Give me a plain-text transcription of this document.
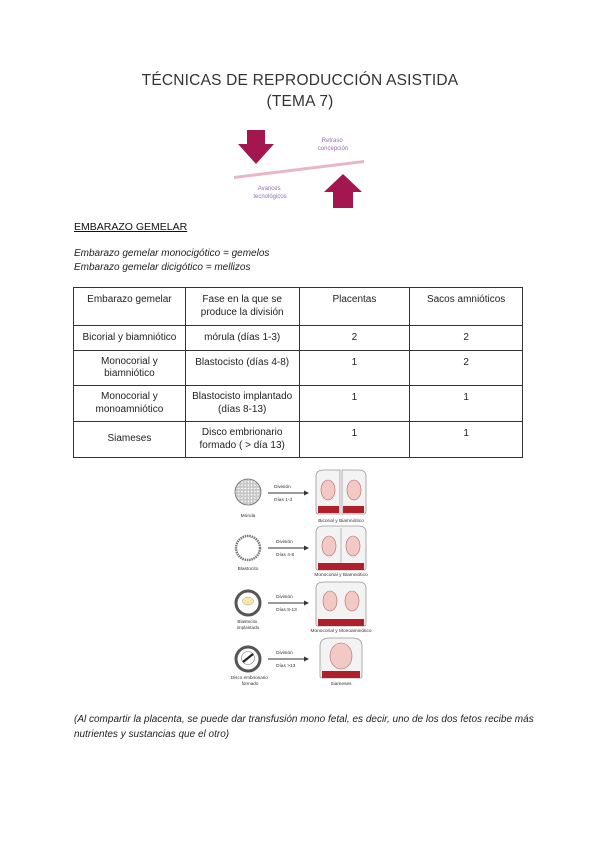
TÉCNICAS DE REPRODUCCIÓN ASISTIDA
(TEMA 7)
Retraso concepción
Avances tecnológicos
EMBARAZO GEMELAR
Embarazo gemelar monocigótico = gemelos
Embarazo gemelar dicigótico = mellizos
Embarazo gemelar	Fase en la que se produce la división	Placentas	Sacos amnióticos
Bicorial y biamniótico	mórula (días 1-3)	2	2
Monocorial y biamniótico	Blastocisto (días 4-8)	1	2
Monocorial y monoamniótico	Blastocisto implantado (días 8-13)	1	1
Siameses	Disco embrionario formado ( > día 13)	1	1
División Días 1-3
Mórula
Bicorial y Biamniótico
División Días 4-8
Blastocito
Monocorial y Biamniótico
División Días 8-13
Blastocito implantado
Monocorial y Monoamniótico
División Días >13
Disco embrionario formado	Siameses
(Al compartir la placenta, se puede dar transfusión mono fetal, es decir, uno de los dos fetos recibe más nutrientes y sustancias que el otro)
